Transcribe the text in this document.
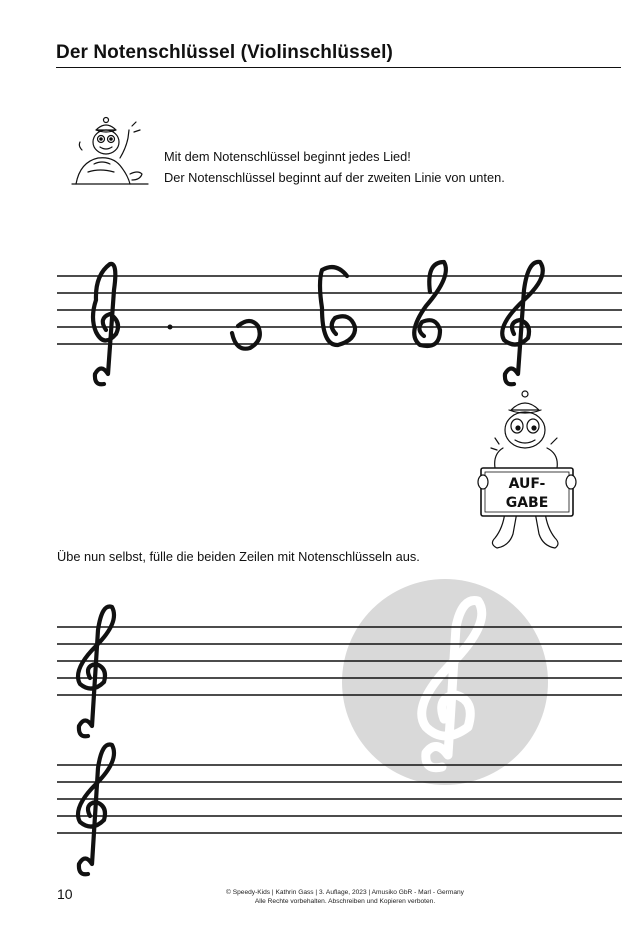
Der Notenschlüssel (Violinschlüssel)
Mit dem Notenschlüssel beginnt jedes Lied!
Der Notenschlüssel beginnt auf der zweiten Linie von unten.
AUF-
GABE
Übe nun selbst, fülle die beiden Zeilen mit Notenschlüsseln aus.
10	© Speedy-Kids | Kathrin Gass | 3. Auflage, 2023 | Amusiko GbR - Marl - Germany
Alle Rechte vorbehalten. Abschreiben und Kopieren verboten.
